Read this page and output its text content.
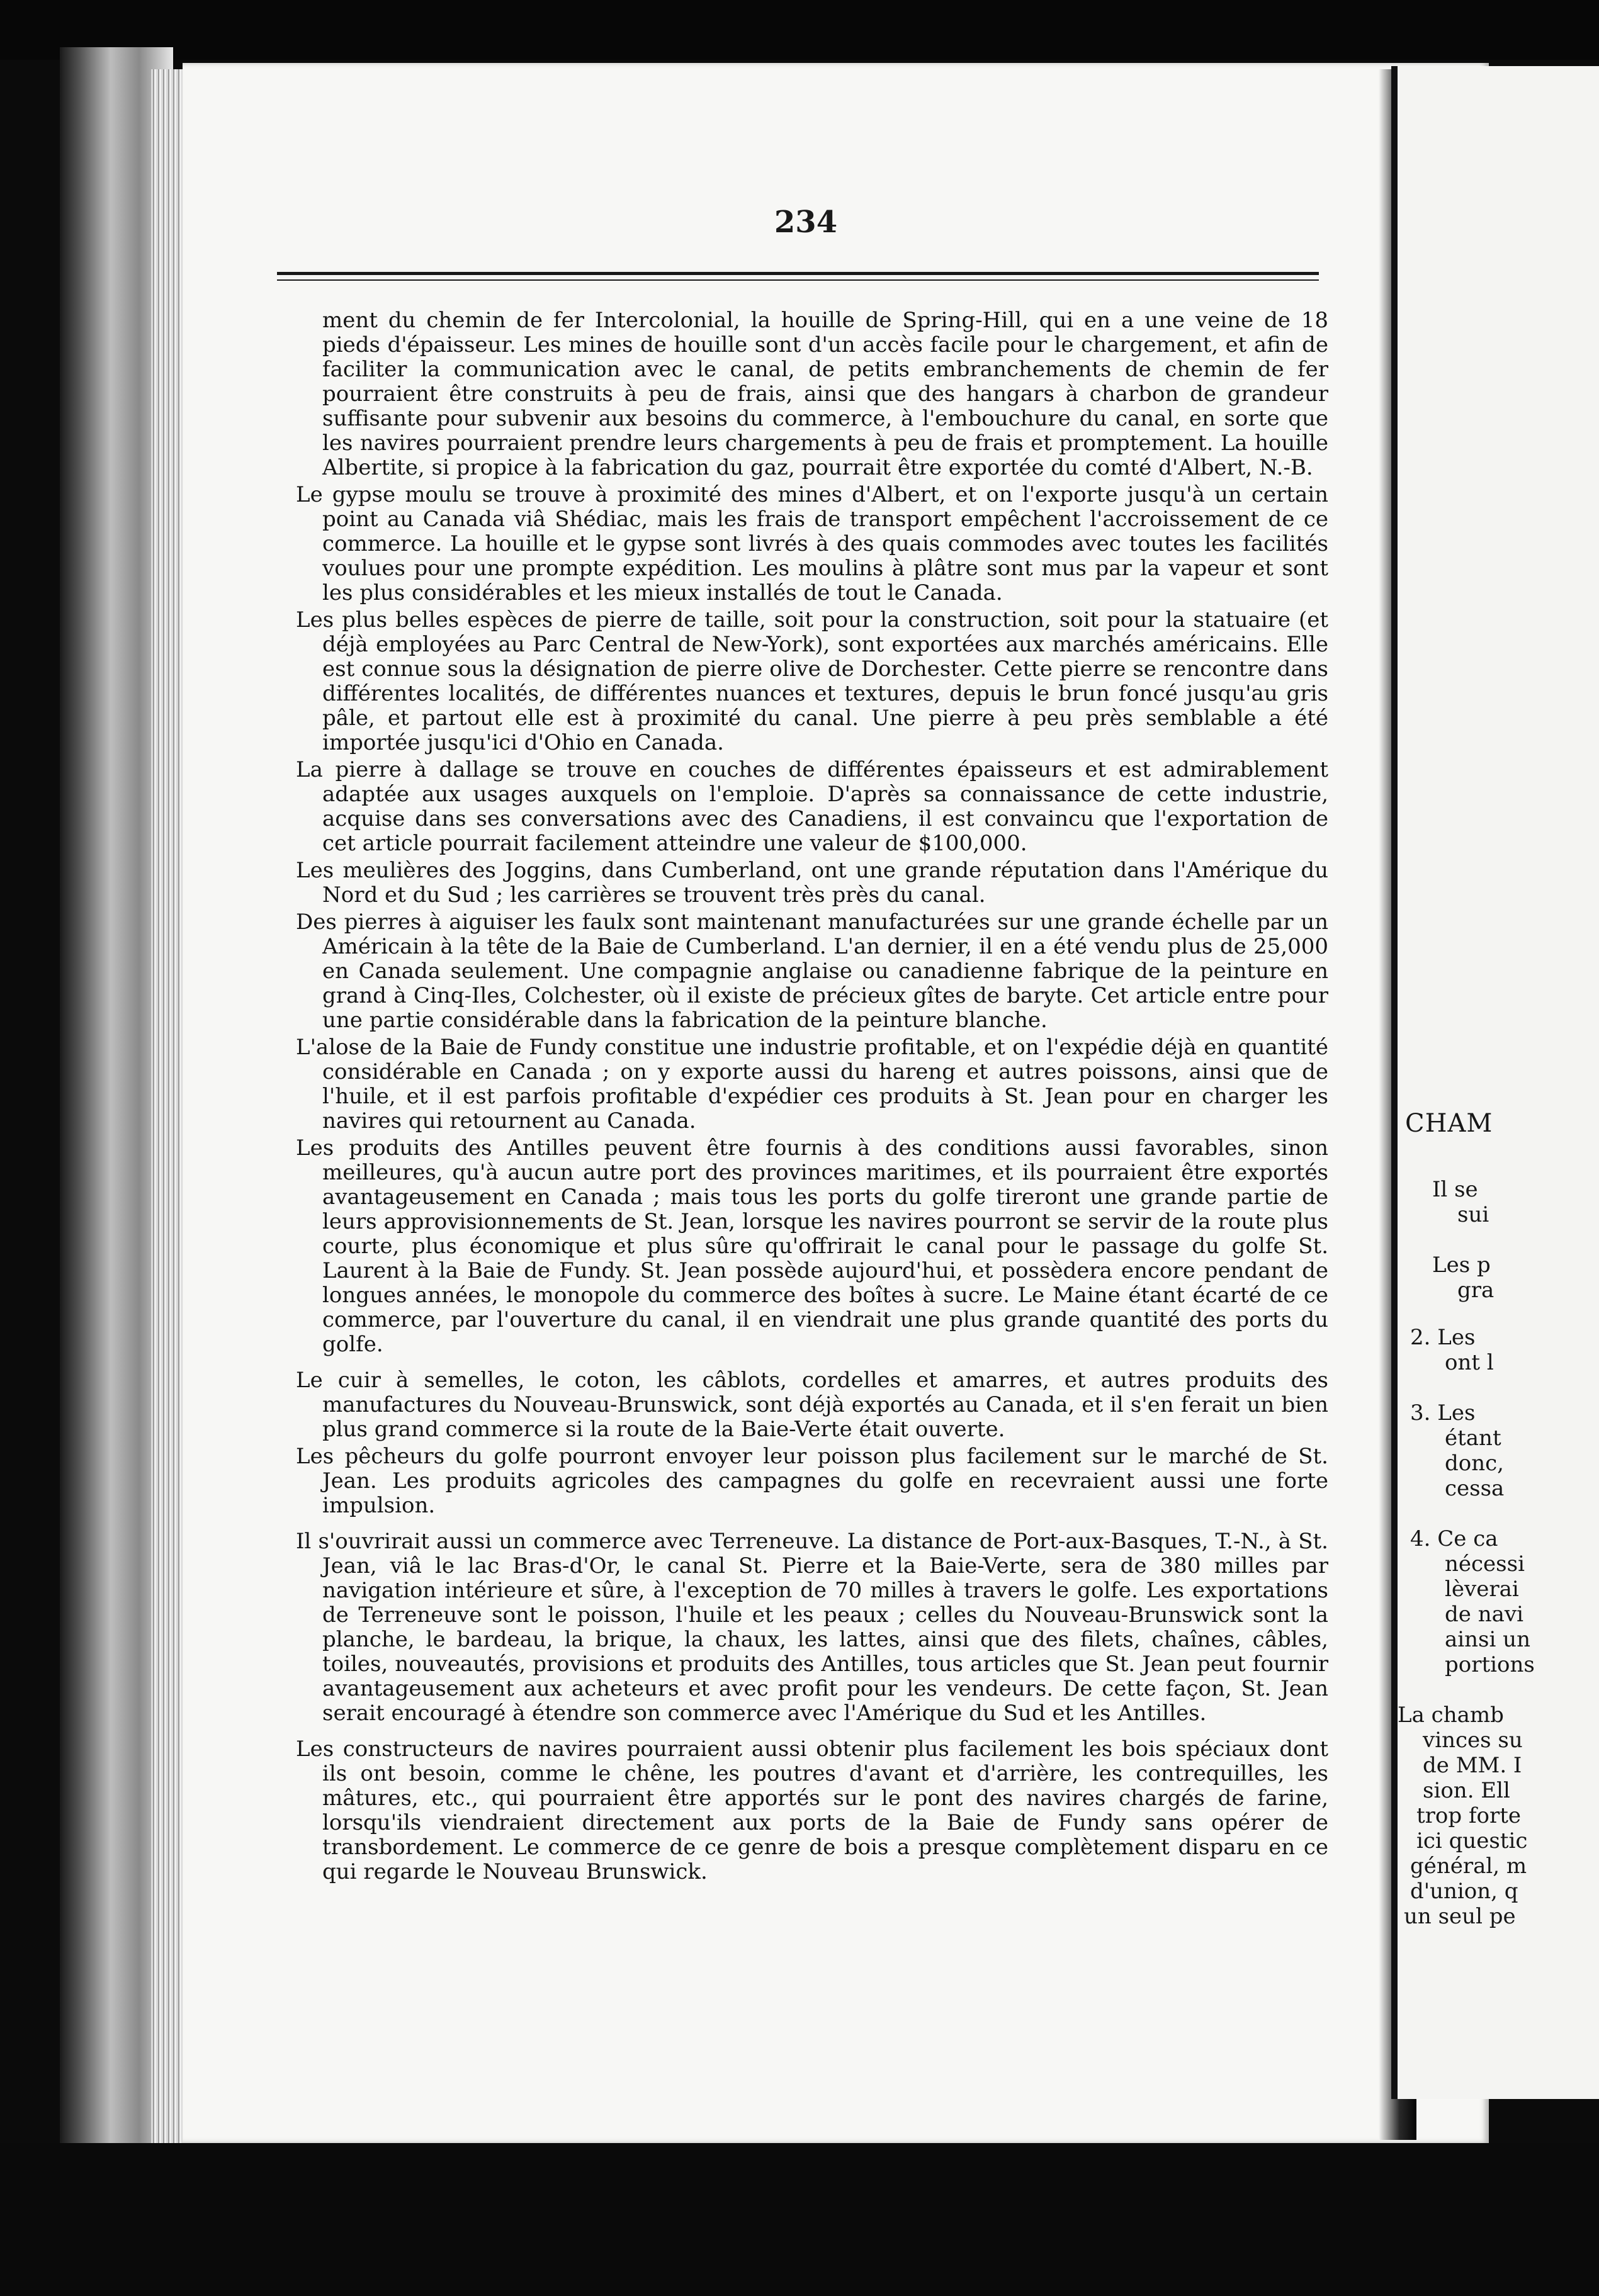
CHAM
Il se
sui
Les p
gra
2. Les
ont l
3. Les
étant
donc,
cessa
4. Ce ca
nécessi
lèverai
de navi
ainsi un
portions
La chamb
vinces su
de MM. I
sion. Ell
trop forte
ici questic
général, m
d'union, q
un seul pe
234

ment du chemin de fer Intercolonial, la houille de Spring-Hill, qui en a une veine de 18 pieds d'épaisseur. Les mines de houille sont d'un accès facile pour le chargement, et afin de faciliter la communication avec le canal, de petits embranchements de chemin de fer pourraient être construits à peu de frais, ainsi que des hangars à charbon de grandeur suffisante pour subvenir aux besoins du commerce, à l'embouchure du canal, en sorte que les navires pourraient prendre leurs chargements à peu de frais et promptement. La houille Albertite, si propice à la fabrication du gaz, pourrait être exportée du comté d'Albert, N.-B.

Le gypse moulu se trouve à proximité des mines d'Albert, et on l'exporte jusqu'à un certain point au Canada viâ Shédiac, mais les frais de transport empêchent l'accroissement de ce commerce. La houille et le gypse sont livrés à des quais commodes avec toutes les facilités voulues pour une prompte expédition. Les moulins à plâtre sont mus par la vapeur et sont les plus considérables et les mieux installés de tout le Canada.

Les plus belles espèces de pierre de taille, soit pour la construction, soit pour la statuaire (et déjà employées au Parc Central de New-York), sont exportées aux marchés américains. Elle est connue sous la désignation de pierre olive de Dorchester. Cette pierre se rencontre dans différentes localités, de différentes nuances et textures, depuis le brun foncé jusqu'au gris pâle, et partout elle est à proximité du canal. Une pierre à peu près semblable a été importée jusqu'ici d'Ohio en Canada.

La pierre à dallage se trouve en couches de différentes épaisseurs et est admirablement adaptée aux usages auxquels on l'emploie. D'après sa connaissance de cette industrie, acquise dans ses conversations avec des Canadiens, il est convaincu que l'exportation de cet article pourrait facilement atteindre une valeur de $100,000.

Les meulières des Joggins, dans Cumberland, ont une grande réputation dans l'Amérique du Nord et du Sud ; les carrières se trouvent très près du canal.

Des pierres à aiguiser les faulx sont maintenant manufacturées sur une grande échelle par un Américain à la tête de la Baie de Cumberland. L'an dernier, il en a été vendu plus de 25,000 en Canada seulement. Une compagnie anglaise ou canadienne fabrique de la peinture en grand à Cinq-Iles, Colchester, où il existe de précieux gîtes de baryte. Cet article entre pour une partie considérable dans la fabrication de la peinture blanche.

L'alose de la Baie de Fundy constitue une industrie profitable, et on l'expédie déjà en quantité considérable en Canada ; on y exporte aussi du hareng et autres poissons, ainsi que de l'huile, et il est parfois profitable d'expédier ces produits à St. Jean pour en charger les navires qui retournent au Canada.

Les produits des Antilles peuvent être fournis à des conditions aussi favorables, sinon meilleures, qu'à aucun autre port des provinces maritimes, et ils pourraient être exportés avantageusement en Canada ; mais tous les ports du golfe tireront une grande partie de leurs approvisionnements de St. Jean, lorsque les navires pourront se servir de la route plus courte, plus économique et plus sûre qu'offrirait le canal pour le passage du golfe St. Laurent à la Baie de Fundy. St. Jean possède aujourd'hui, et possèdera encore pendant de longues années, le monopole du commerce des boîtes à sucre. Le Maine étant écarté de ce commerce, par l'ouverture du canal, il en viendrait une plus grande quantité des ports du golfe.

Le cuir à semelles, le coton, les câblots, cordelles et amarres, et autres produits des manufactures du Nouveau-Brunswick, sont déjà exportés au Canada, et il s'en ferait un bien plus grand commerce si la route de la Baie-Verte était ouverte.

Les pêcheurs du golfe pourront envoyer leur poisson plus facilement sur le marché de St. Jean. Les produits agricoles des campagnes du golfe en recevraient aussi une forte impulsion.

Il s'ouvrirait aussi un commerce avec Terreneuve. La distance de Port-aux-Basques, T.-N., à St. Jean, viâ le lac Bras-d'Or, le canal St. Pierre et la Baie-Verte, sera de 380 milles par navigation intérieure et sûre, à l'exception de 70 milles à travers le golfe. Les exportations de Terreneuve sont le poisson, l'huile et les peaux ; celles du Nouveau-Brunswick sont la planche, le bardeau, la brique, la chaux, les lattes, ainsi que des filets, chaînes, câbles, toiles, nouveautés, provisions et produits des Antilles, tous articles que St. Jean peut fournir avantageusement aux acheteurs et avec profit pour les vendeurs. De cette façon, St. Jean serait encouragé à étendre son commerce avec l'Amérique du Sud et les Antilles.

Les constructeurs de navires pourraient aussi obtenir plus facilement les bois spéciaux dont ils ont besoin, comme le chêne, les poutres d'avant et d'arrière, les contrequilles, les mâtures, etc., qui pourraient être apportés sur le pont des navires chargés de farine, lorsqu'ils viendraient directement aux ports de la Baie de Fundy sans opérer de transbordement. Le commerce de ce genre de bois a presque complètement disparu en ce qui regarde le Nouveau Brunswick.
